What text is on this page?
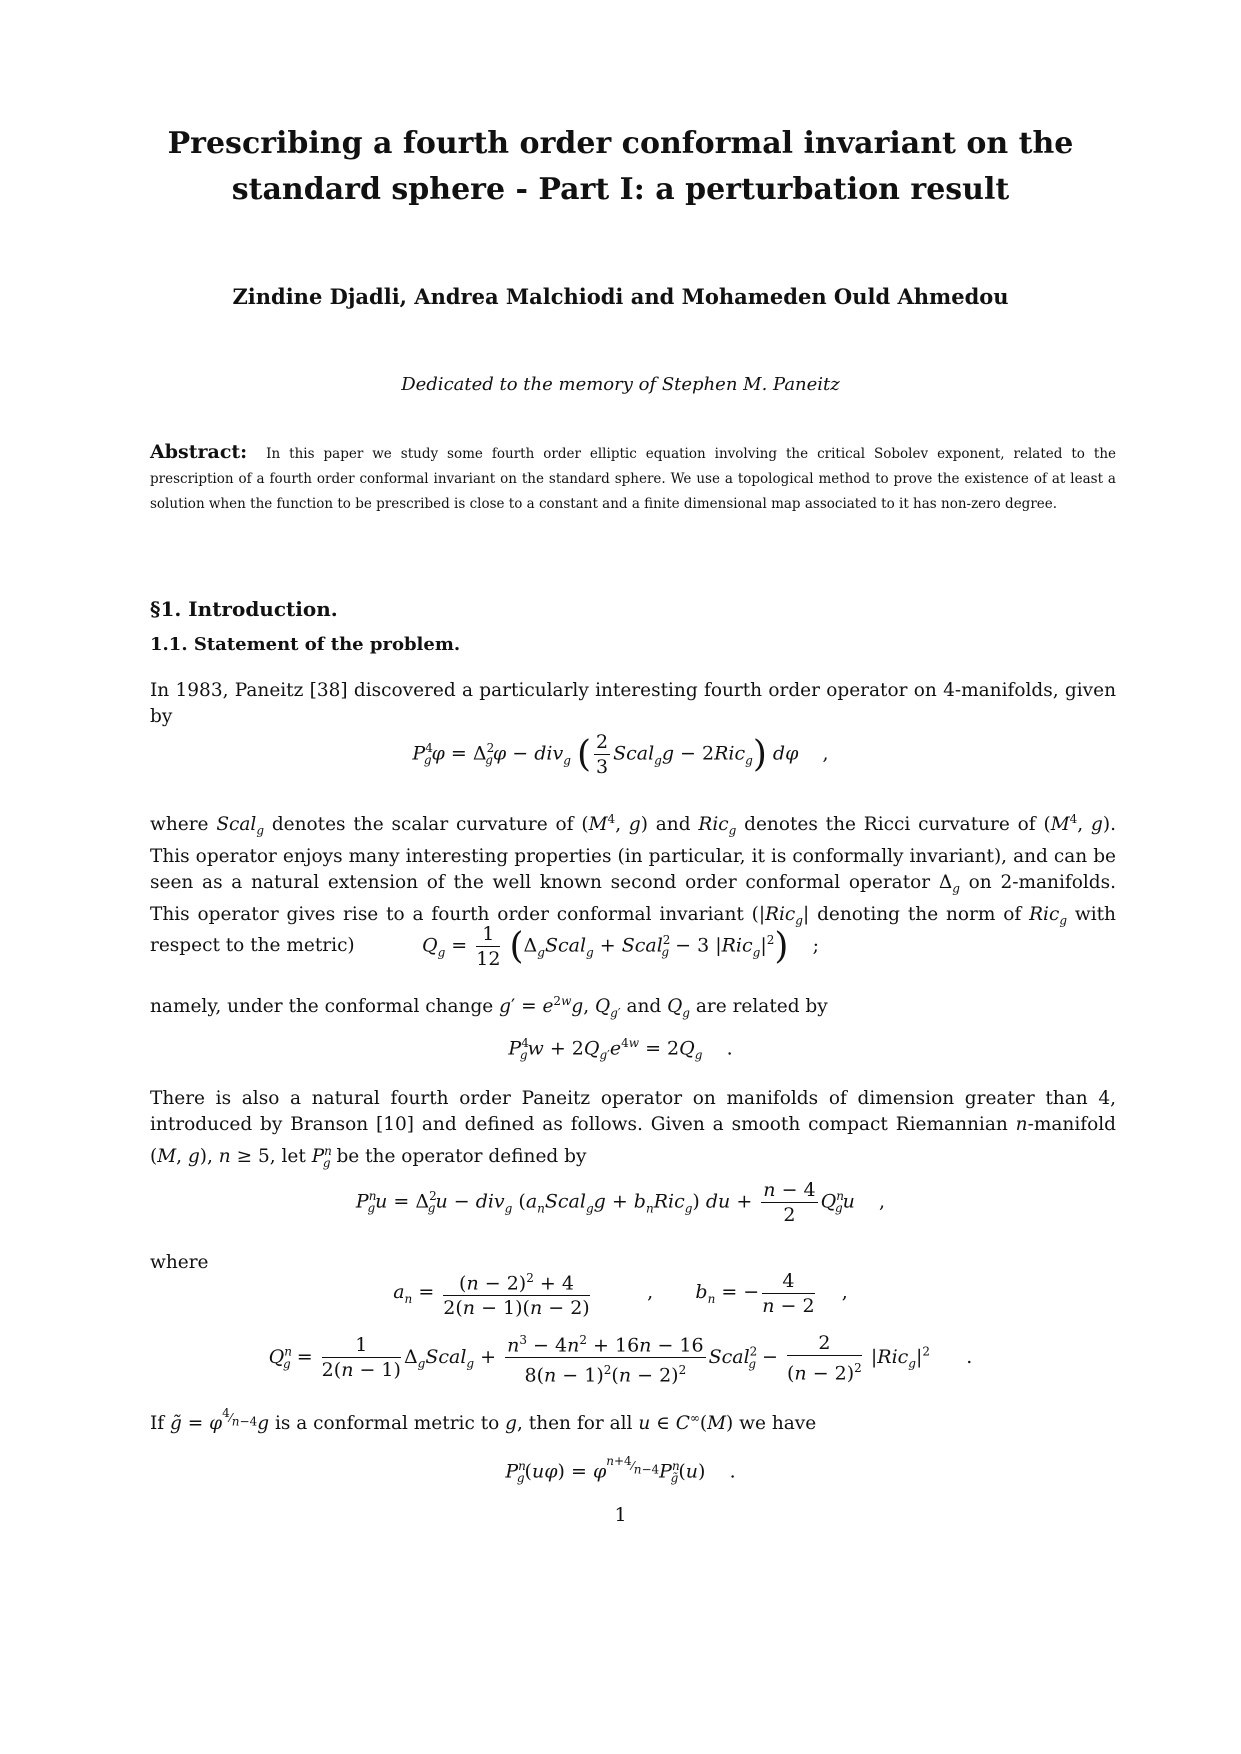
Prescribing a fourth order conformal invariant on the
standard sphere - Part I: a perturbation result
Zindine Djadli, Andrea Malchiodi and Mohameden Ould Ahmedou
Dedicated to the memory of Stephen M. Paneitz
Abstract: In this paper we study some fourth order elliptic equation involving the critical Sobolev exponent, related to the prescription of a fourth order conformal invariant on the standard sphere. We use a topological method to prove the existence of at least a solution when the function to be prescribed is close to a constant and a finite dimensional map associated to it has non-zero degree.
§1. Introduction.
1.1. Statement of the problem.
In 1983, Paneitz [38] discovered a particularly interesting fourth order operator on 4-manifolds, given by
$P^4_g\varphi = \Delta^2_g\varphi - div_g$ ( $\frac{2}{3}$ Scal$_g$g − 2Ric$_g$) dφ    ,
where Scal$_g$ denotes the scalar curvature of ($M^4$, g) and Ric$_g$ denotes the Ricci curvature of ($M^4$, g). This operator enjoys many interesting properties (in particular, it is conformally invariant), and can be seen as a natural extension of the well known second order conformal operator $\Delta_g$ on 2-manifolds. This operator gives rise to a fourth order conformal invariant (|Ric$_g$| denoting the norm of Ric$_g$ with respect to the metric)	$Q_g = \frac{1}{12}$ ($\Delta_gScal_g$ + Scal$^2_g$ − 3 $|Ric_g|^2$)    ;
namely, under the conformal change $g' = e^{2w}g$, $Q_{g'}$ and $Q_g$ are related by
$P^4_gw + 2Q_{g'}e^{4w} = 2Q_g$    .
There is also a natural fourth order Paneitz operator on manifolds of dimension greater than 4, introduced by Branson [10] and defined as follows. Given a smooth compact Riemannian n-manifold (M, g), n ≥ 5, let $P^n_g$ be the operator defined by
$P^n_gu = \Delta^2_gu - div_g$ $(a_nScal_gg + b_nRic_g)$ du + $\frac{n - 4}{2} Q^n_gu$    ,
where
$a_n = \frac{(n - 2)^2 + 4}{2(n - 1)(n - 2)}$ ,       $b_n$ = − $\frac{4}{n - 2}$ ,
$Q^n_g = \frac{1}{2(n - 1)}$ $\Delta_gScal_g + \frac{n^3 - 4n^2 + 16n - 16}{8(n - 1)^2(n - 2)^2}$ Scal$^2_g$ − $\frac{2}{(n - 2)^2} |Ric_g|^2$      .
If g̃ = $\varphi^{^4⁄_{n-4}}g$ is a conformal metric to g, then for all u ∈ C∞(M) we have
$P^n_g(u\varphi) = \varphi^{^{n+4}⁄_{n-4}}P^n_{g̃}(u)$    .
1
